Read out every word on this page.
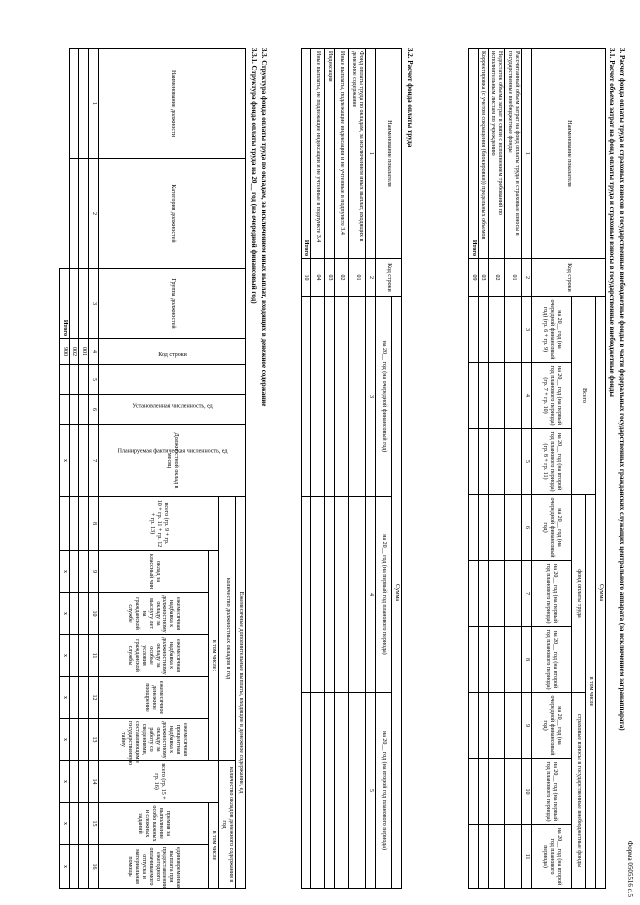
Форма 0505516 с.5
3. Расчет фонда оплаты труда и страховых взносов в государственные внебюджетные фонды в части федеральных государственных гражданских служащих центрального аппарата (за исключением загранаппарата)
3.1. Расчет объема затрат на фонд оплаты труда и страховые взносы в государственные внебюджетные фонды
Наименование показателя	Код строки	Сумма								
		Всего			в том числе					
					фонд оплаты труда			страховые взносы в государственные внебюджетные фонды		
		на 20__ год (на очередной финансовый год) (гр. 6 + гр. 9)	на 20__ год (на первый год планового периода) (гр. 7 + гр. 10)	на 20__ год (на второй год планового периода) (гр. 8 + гр. 11)	на 20__ год (на очередной финансовый год)	на 20__ год (на первый год планового периода)	на 20__ год (на второй год планового периода)	на 20__ год (на очередной финансовый год)	на 20__ год (на первый год планового периода)	на 20__ год (на второй год планового периода)
1	2	3	4	5	6	7	8	9	10	11
Рассчитанный объем затрат на фонд оплаты труда и страховые взносы в государственные внебюджетные фонды	01									
Недостаток объема затрат в связи с исполнением требований по исполнительным листам по учреждению	02									
Корректировка (с учетом сокращения (блокировки)) предельных объемов	03									
Итого	09									
3.2. Расчет фонда оплаты труда
Наименование показателя	Код строки	Сумма		
		на 20__ год (на очередной финансовый год)	на 20__ год (на первый год планового периода)	на 20__ год (на второй год планового периода)
1	2	3	4	5
Фонд оплаты труда по окладам, за исключением иных выплат, входящих в денежное содержание	01			
Иные выплаты, подлежащие индексации и не учтенные в подпункте 3.4	02			
Индексация	03			
Иные выплаты, не подлежащие индексации и не учтенные в подпункте 3.4	04			
Итого	10			
3.3. Структура фонда оплаты труда по окладам, за исключением иных выплат, входящих в денежное содержание
3.3.1. Структура фонда оплаты труда на 20__ год (на очередной финансовый год)
Наименование должности	Категория должностей	Группа должностей	Код строки	Установленная численность, ед	Планируемая фактическая численность, ед	Должностной оклад в месяц	Ежемесячные дополнительные выплаты, входящие в денежное содержание, ед								
							количество должностных окладов в год						количество окладов денежного содержания в год		
							всего (гр. 9 + гр. 10 + гр. 11 + гр. 12 + гр. 13)	в том числе:					всего (гр. 15 + гр. 16)	в том числе	
								оклад за классный чин	ежемесячная надбавка к должностному окладу за выслугу лет на гражданской службе	ежемесячная надбавка к должностному окладу за особые условия гражданской службы	ежемесячное денежное поощрение	ежемесячная процентная надбавка к должностному окладу за работу со сведениями, составляющими государственную тайну		премия за выполнение особо важных и сложных заданий	единовременная выплата при предоставлении ежегодного оплачиваемого отпуска и материальная помощь
1	2	3	4	5	6	7	8	9	10	11	12	13	14	15	16
			001												
			002												
		Итого	900			x		x	x	x	x	x	x	x	x
